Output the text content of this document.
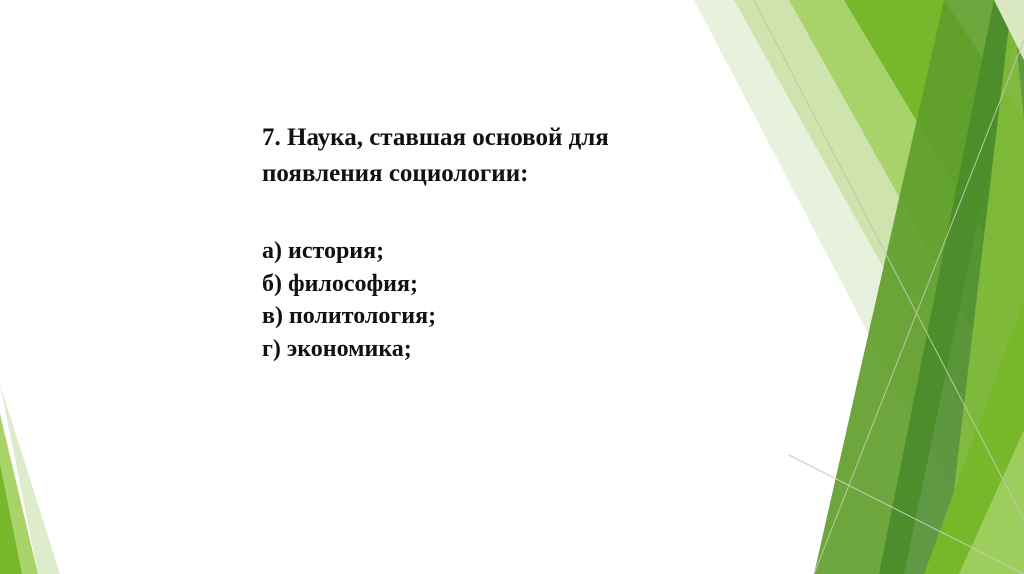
7. Наука, ставшая основой для появления социологии:

а) история;
б) философия;
в) политология;
г) экономика;
